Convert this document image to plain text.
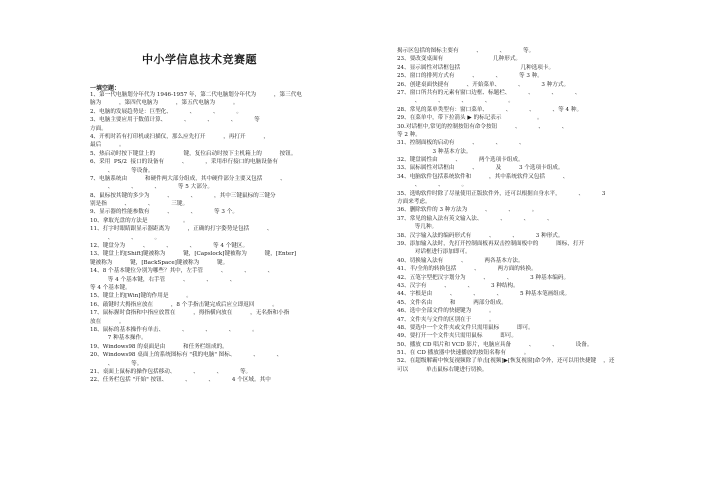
中小学信息技术竞赛题
一填空题：
1、第一代电脑划分年代为 1946-1957 年，第二代电脑划分年代为          ，第三代电
脑为          ，第四代电脑为          ，第五代电脑为          。
2、电脑的发展趋势是：巨型化、          、          、          。
3、电脑主要应用于数值计算、          、          、          、          等
方面。
4、开机时若有打印机或扫描仪，那么应先打开          ，再打开          ，
最后          。
5、热启动时按下键盘上的                键，复位启动时按下主机箱上的          按钮。
6、采用  PS/2  接口的设备有          、          ，采用串行接口的电脑设备有
、          等设备。
7、电脑系统由          和硬件两大部分组成，其中硬件部分主要又包括          、
、          、          、          等 5 大部分。
8、鼠标按其键的多少为          、          、          ，其中三键鼠标的三键分
别是指          、          、          三键。
9、显示器的性能参数有          、          、          等 3 个。
10、拿取光盘的方法是                    。
11、打字时眼睛跟显示器距离为          ，正确的打字姿势是包括          、
、          、          。
12、键盘分为          、          、          、          等 4 个键区。
13、键盘上的[Shift]键被称为          键，[Capslock]键被称为          键，[Enter]
键被称为          键，[BackSpace]键被称为          键。
14、8 个基本键位分别为哪些？其中，左手管          、          、          、
等 4 个基本键，右手管          、          、          、
等 4 个基本键。
15、键盘上的[Win]键的作用是          。
16、敲键时大拇指应放在          ，8 个手指击键完成后应立即返回          。
17、鼠标握时食指和中指应放置在          ，拇指横向放在          ，无名指和小指
放在          。
18、鼠标的基本操作有单击、          、          、          、          。
7 种基本操作。
19、Windows98 的桌面是由          和任务栏组成的。
20、Windows98 桌面上的系统图标有 "我的电脑" 图标、          、          、
、          等。
21、桌面上鼠标的操作包括移动、          、          、          等。
22、任务栏包括 "开始" 按钮、          、          、          4 个区域。其中
揭示区包括的图标主要有          、          、          等。
23、要改变桌面有                            几种形式。
24、显示属性对话框包括                                  几种选项卡。
25、窗口的排列方式有          、          、          等 3 种。
26、创建桌面快捷有          、开始菜单、          、          3 种方式。
27、窗口所共有的元素有窗口边框、标题栏、          、          、          、
、          、          、          、          。
28、常见的菜单类型有：窗口菜单、          、          、          、等 4 种。
29、在菜单中，带下拉箭头 ▶ 的标记表示                    。
30.对话框中,常见的控制按钮有命令按钮          、          、          、
等 2 种。
31、控制面板的启动有          、          、          、
3 种基本方法。
32、键盘属性由          、          两个选项卡组成。
33、鼠标属性对话框由          、          及          3 个选项卡组成。
34、电脑软件包括系统软件和          ，其中系统软件又包括          、
、          、          。
35、选购软件时除了尽量使用正版软件外，还可以根据自身水平，          、          3
方面来考虑。
36、删除软件的 3 种方法为          、          、          。
37、常见的输入法有英文输入法、          、          、          、
等几种。
38、汉字输入法的编码形式有          、          、          3 种形式。
39、添加输入法时，先打开控制面板再双击控制面板中的          图标，打开
对话框进行添加即可。
40、切换输入法有          、          两各基本方法。
41、半/全角的转换包括          、          两方面的转换。
42、五笔字型把汉字划分为          、          、          3 种基本编码。
43、汉字有          、          、          3 种结构。
44、字根是由          、          、          、          5 种基本笔画组成。
45、文件名由          和          两部分组成。
46、选中全部文件的快捷键为          。
47、文件夹与文件的区别在于          。
48、要选中一个文件夹或文件只需用鼠标          即可。
49、要打开一个文件夹只需用鼠标          即可。
50、播放 CD 唱片和 VCD 影片，电脑应具备          、          、          设备。
51、在 CD 播放器中快速播放的按钮名称有          。
52、在超级解霸中恢复视频除了单击[视频]▶[恢复视窗]命令外，还可以用快捷键    ，还
可以          单击鼠标右键进行切换。
